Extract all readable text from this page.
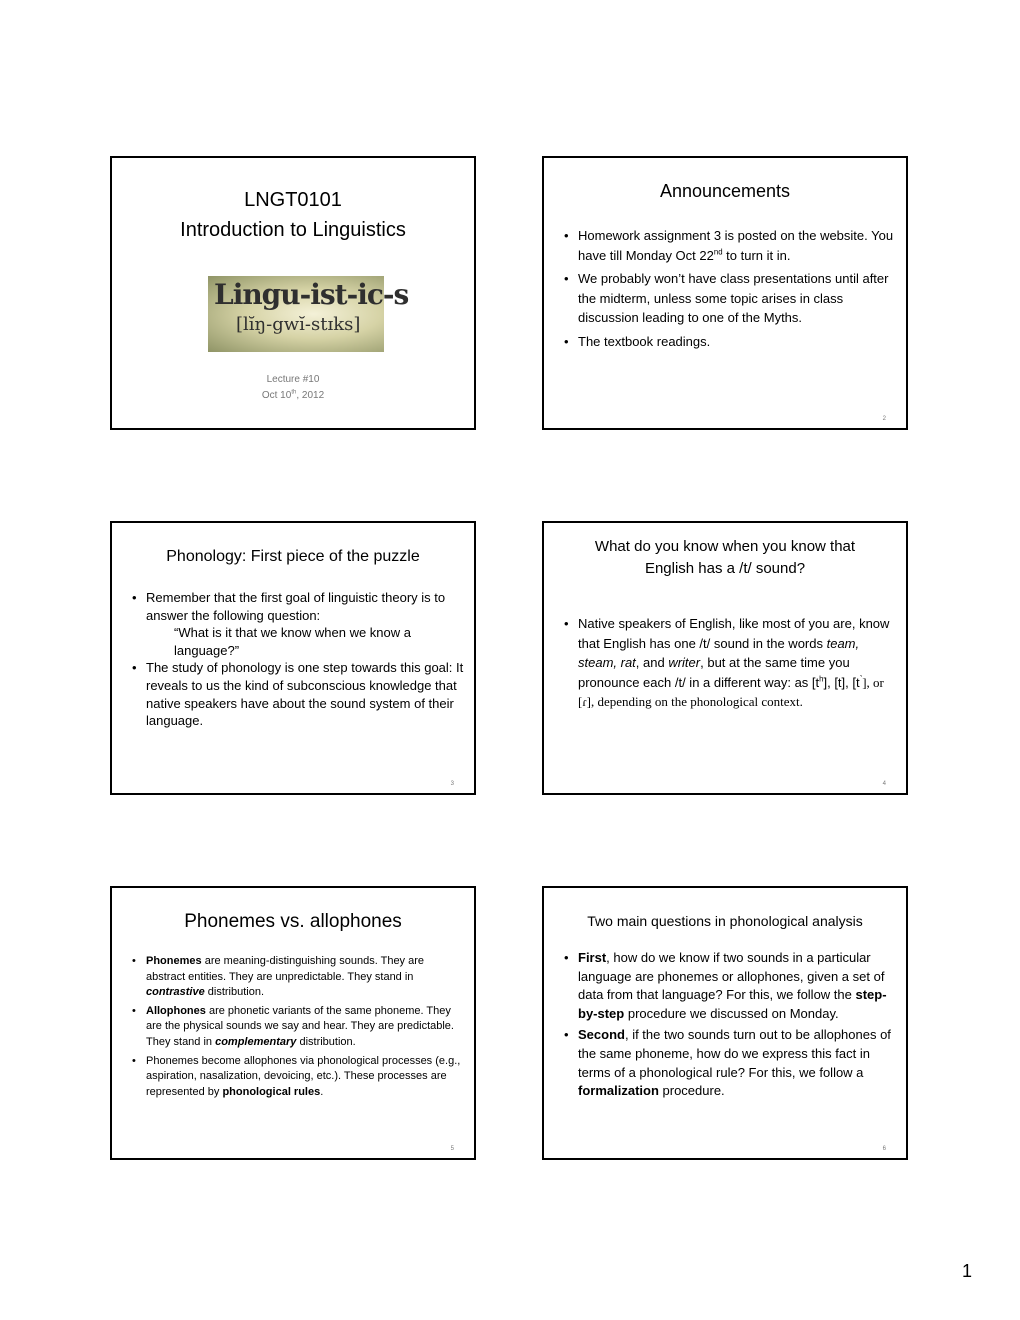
LNGT0101
Introduction to Linguistics
Lingu-ist-ic-s
[lĭŋ-gwĭ-stɪks]
Lecture #10
Oct 10th, 2012
Announcements
• Homework assignment 3 is posted on the website. You have till Monday Oct 22nd to turn it in.
• We probably won’t have class presentations until after the midterm, unless some topic arises in class discussion leading to one of the Myths.
• The textbook readings.
2
Phonology: First piece of the puzzle
• Remember that the first goal of linguistic theory is to answer the following question:
“What is it that we know when we know a language?”
• The study of phonology is one step towards this goal: It reveals to us the kind of subconscious knowledge that native speakers have about the sound system of their language.
3
What do you know when you know that
English has a /t/ sound?
• Native speakers of English, like most of you are, know that English has one /t/ sound in the words team, steam, rat, and writer, but at the same time you pronounce each /t/ in a different way: as $[t^h]$, [t], [t˺], or [ɾ], depending on the phonological context.
4
Phonemes vs. allophones
• Phonemes are meaning-distinguishing sounds. They are abstract entities. They are unpredictable. They stand in contrastive distribution.
• Allophones are phonetic variants of the same phoneme. They are the physical sounds we say and hear. They are predictable. They stand in complementary distribution.
• Phonemes become allophones via phonological processes (e.g., aspiration, nasalization, devoicing, etc.). These processes are represented by phonological rules.
5
Two main questions in phonological analysis
• First, how do we know if two sounds in a particular language are phonemes or allophones, given a set of data from that language? For this, we follow the step-by-step procedure we discussed on Monday.
• Second, if the two sounds turn out to be allophones of the same phoneme, how do we express this fact in terms of a phonological rule? For this, we follow a formalization procedure.
6
1
